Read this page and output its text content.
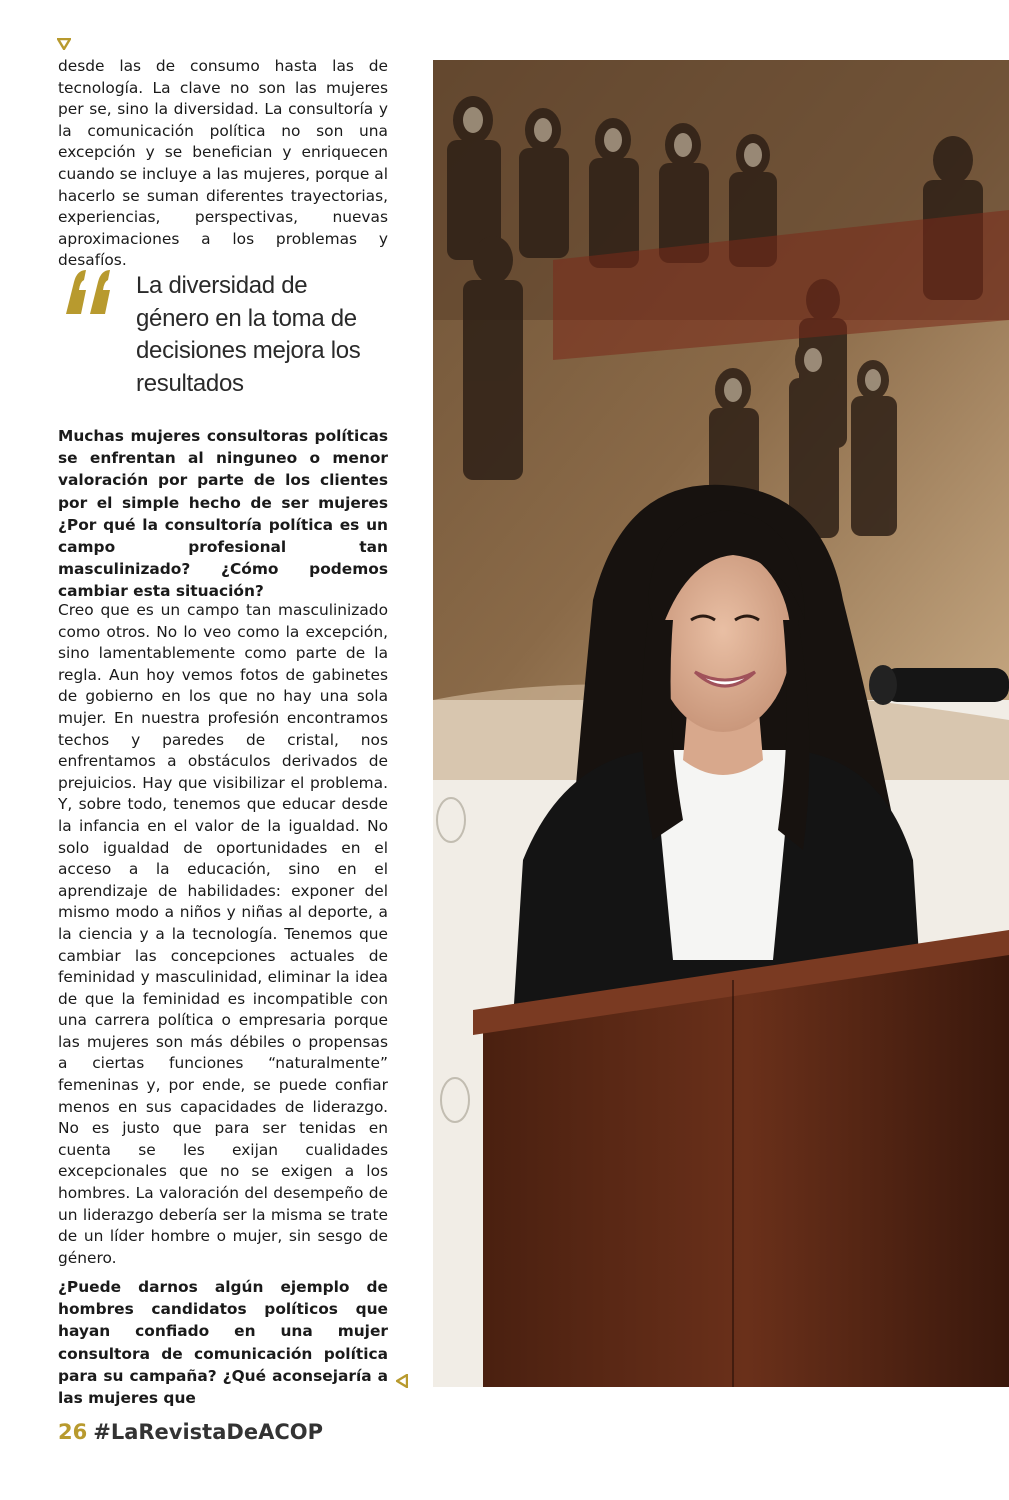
desde las de consumo hasta las de tecnología. La clave no son las mujeres per se, sino la diversidad. La consultoría y la comunicación política no son una excepción y se benefician y enriquecen cuando se incluye a las mujeres, porque al hacerlo se suman diferentes trayectorias, experiencias, perspectivas, nuevas aproximaciones a los problemas y desafíos.

La diversidad de género en la toma de decisiones mejora los resultados

Muchas mujeres consultoras políticas se enfrentan al ninguneo o menor valoración por parte de los clientes por el simple hecho de ser mujeres ¿Por qué la consultoría política es un campo profesional tan masculinizado? ¿Cómo podemos cambiar esta situación?

Creo que es un campo tan masculinizado como otros. No lo veo como la excepción, sino lamentablemente como parte de la regla. Aun hoy vemos fotos de gabinetes de gobierno en los que no hay una sola mujer. En nuestra profesión encontramos techos y paredes de cristal, nos enfrentamos a obstáculos derivados de prejuicios. Hay que visibilizar el problema. Y, sobre todo, tenemos que educar desde la infancia en el valor de la igualdad. No solo igualdad de oportunidades en el acceso a la educación, sino en el aprendizaje de habilidades: exponer del mismo modo a niños y niñas al deporte, a la ciencia y a la tecnología. Tenemos que cambiar las concepciones actuales de feminidad y masculinidad, eliminar la idea de que la feminidad es incompatible con una carrera política o empresaria porque las mujeres son más débiles o propensas a ciertas funciones “naturalmente” femeninas y, por ende, se puede confiar menos en sus capacidades de liderazgo. No es justo que para ser tenidas en cuenta se les exijan cualidades excepcionales que no se exigen a los hombres. La valoración del desempeño de un liderazgo debería ser la misma se trate de un líder hombre o mujer, sin sesgo de género.

¿Puede darnos algún ejemplo de hombres candidatos políticos que hayan confiado en una mujer consultora de comunicación política para su campaña? ¿Qué aconsejaría a las mujeres que

26 #LaRevistaDeACOP
